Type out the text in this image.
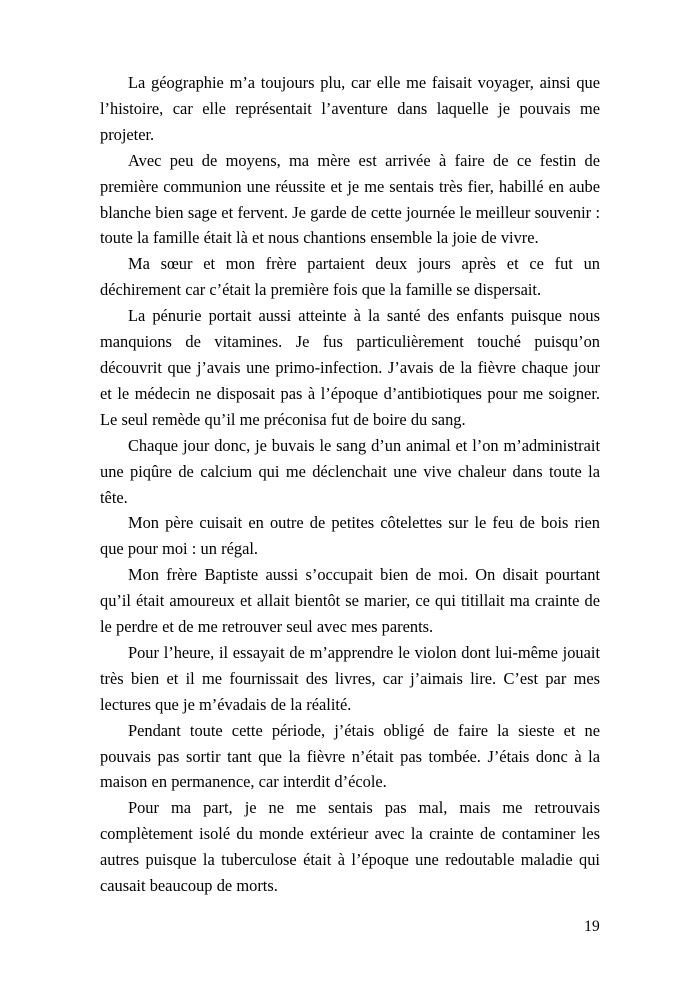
La géographie m’a toujours plu, car elle me faisait voyager, ainsi que l’histoire, car elle représentait l’aventure dans laquelle je pouvais me projeter.

Avec peu de moyens, ma mère est arrivée à faire de ce festin de première communion une réussite et je me sentais très fier, habillé en aube blanche bien sage et fervent. Je garde de cette journée le meilleur souvenir : toute la famille était là et nous chantions ensemble la joie de vivre.

Ma sœur et mon frère partaient deux jours après et ce fut un déchirement car c’était la première fois que la famille se dispersait.

La pénurie portait aussi atteinte à la santé des enfants puisque nous manquions de vitamines. Je fus particulièrement touché puisqu’on découvrit que j’avais une primo-infection. J’avais de la fièvre chaque jour et le médecin ne disposait pas à l’époque d’antibiotiques pour me soigner. Le seul remède qu’il me préconisa fut de boire du sang.

Chaque jour donc, je buvais le sang d’un animal et l’on m’administrait une piqûre de calcium qui me déclenchait une vive chaleur dans toute la tête.

Mon père cuisait en outre de petites côtelettes sur le feu de bois rien que pour moi : un régal.

Mon frère Baptiste aussi s’occupait bien de moi. On disait pourtant qu’il était amoureux et allait bientôt se marier, ce qui titillait ma crainte de le perdre et de me retrouver seul avec mes parents.

Pour l’heure, il essayait de m’apprendre le violon dont lui-même jouait très bien et il me fournissait des livres, car j’aimais lire. C’est par mes lectures que je m’évadais de la réalité.

Pendant toute cette période, j’étais obligé de faire la sieste et ne pouvais pas sortir tant que la fièvre n’était pas tombée. J’étais donc à la maison en permanence, car interdit d’école.

Pour ma part, je ne me sentais pas mal, mais me retrouvais complètement isolé du monde extérieur avec la crainte de contaminer les autres puisque la tuberculose était à l’époque une redoutable maladie qui causait beaucoup de morts.

19
